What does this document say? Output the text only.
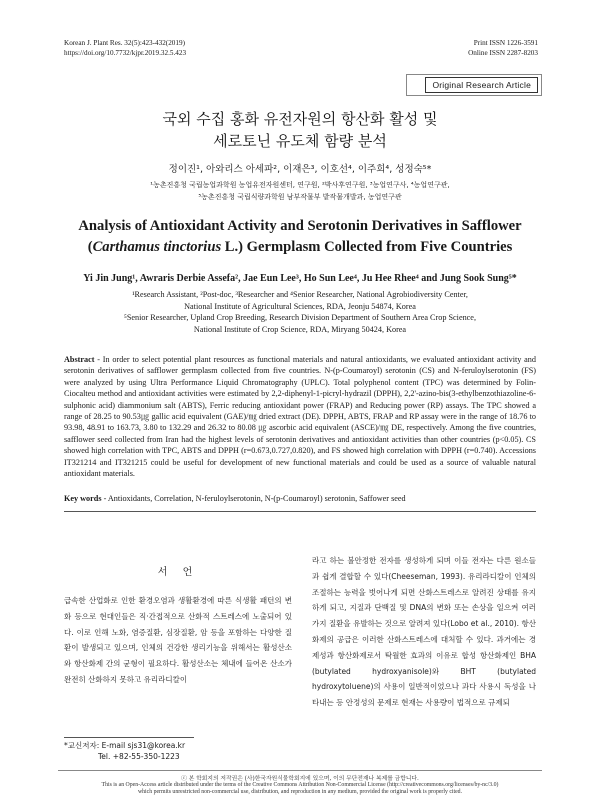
Korean J. Plant Res. 32(5):423-432(2019)
https://doi.org/10.7732/kjpr.2019.32.5.423
Print ISSN 1226-3591
Online ISSN 2287-8203
Original Research Article
국외 수집 홍화 유전자원의 항산화 활성 및
세로토닌 유도체 함량 분석
정이진¹, 아와리스 아세파², 이재은³, 이호선⁴, 이주희⁴, 성정숙⁵*
¹농촌진흥청 국립농업과학원 농업유전자원센터, 연구원, ²박사후연구원, ³농업연구사, ⁴농업연구관,
⁵농촌진흥청 국립식량과학원 남부작물부 밭작물개발과, 농업연구관
Analysis of Antioxidant Activity and Serotonin Derivatives in Safflower
(Carthamus tinctorius L.) Germplasm Collected from Five Countries
Yi Jin Jung¹, Awraris Derbie Assefa², Jae Eun Lee³, Ho Sun Lee⁴, Ju Hee Rhee⁴ and Jung Sook Sung⁵*
¹Research Assistant, ²Post-doc, ³Researcher and ⁴Senior Researcher, National Agrobiodiversity Center,
National Institute of Agricultural Sciences, RDA, Jeonju 54874, Korea
⁵Senior Researcher, Upland Crop Breeding, Research Division Department of Southern Area Crop Science,
National Institute of Crop Science, RDA, Miryang 50424, Korea
Abstract - In order to select potential plant resources as functional materials and natural antioxidants, we evaluated antioxidant activity and serotonin derivatives of safflower germplasm collected from five countries. N-(p-Coumaroyl) serotonin (CS) and N-feruloylserotonin (FS) were analyzed by using Ultra Performance Liquid Chromatography (UPLC). Total polyphenol content (TPC) was determined by Folin-Ciocalteu method and antioxidant activities were estimated by 2,2-diphenyl-1-picryl-hydrazil (DPPH), 2,2'-azino-bis(3-ethylbenzothiazoline-6-sulphonic acid) diammonium salt (ABTS), Ferric reducing antioxidant power (FRAP) and Reducing power (RP) assays. The TPC showed a range of 28.25 to 90.53㎍ gallic acid equivalent (GAE)/㎎ dried extract (DE). DPPH, ABTS, FRAP and RP assay were in the range of 18.76 to 93.98, 48.91 to 163.73, 3.80 to 132.29 and 26.32 to 80.08 ㎍ ascorbic acid equivalent (ASCE)/㎎ DE, respectively. Among the five countries, safflower seed collected from Iran had the highest levels of serotonin derivatives and antioxidant activities than other countries (p<0.05). CS showed high correlation with TPC, ABTS and DPPH (r=0.673,0.727,0.820), and FS showed high correlation with DPPH (r=0.740). Accessions IT321214 and IT321215 could be useful for development of new functional materials and could be used as a source of valuable natural antioxidant materials.
Key words - Antioxidants, Correlation, N-feruloylserotonin, N-(p-Coumaroyl) serotonin, Saffower seed
서 언
급속한 산업화로 인한 환경오염과 생활환경에 따른 식생활 패턴의 변화 등으로 현대인들은 직·간접적으로 산화적 스트레스에 노출되어 있다. 이로 인해 노화, 염증질환, 심장질환, 암 등을 포함하는 다양한 질환이 발생되고 있으며, 인체의 건강한 생리기능을 위해서는 활성산소와 항산화제 간의 균형이 필요하다. 활성산소는 체내에 들어온 산소가 완전히 산화하지 못하고 유리라디칼이
라고 하는 불안정한 전자를 생성하게 되며 이들 전자는 다른 원소들과 쉽게 결합할 수 있다(Cheeseman, 1993). 유리라디칼이 인체의 조절하는 능력을 벗어나게 되면 산화스트레스로 알려진 상태를 유지하게 되고, 지질과 단백질 및 DNA의 변화 또는 손상을 일으켜 여러 가지 질환을 유발하는 것으로 알려져 있다(Lobo et al., 2010). 항산화제의 공급은 이러한 산화스트레스에 대처할 수 있다. 과거에는 경제성과 항산화제로서 탁월한 효과의 이유로 합성 항산화제인 BHA (butylated hydroxyanisole)와 BHT (butylated hydroxytoluene)의 사용이 일반적이었으나 과다 사용시 독성을 나타내는 등 안정성의 문제로 현재는 사용량이 법적으로 규제되
*교신저자: E-mail sjs31@korea.kr
Tel. +82-55-350-1223
ⓒ 본 학회지의 저작권은 (사)한국자원식물학회지에 있으며, 이의 무단전재나 복제를 금합니다.
This is an Open-Access article distributed under the terms of the Creative Commons Attribution Non-Commercial License (http://creativecommons.org/licenses/by-nc/3.0)
which permits unrestricted non-commercial use, distribution, and reproduction in any medium, provided the original work is properly cited.
